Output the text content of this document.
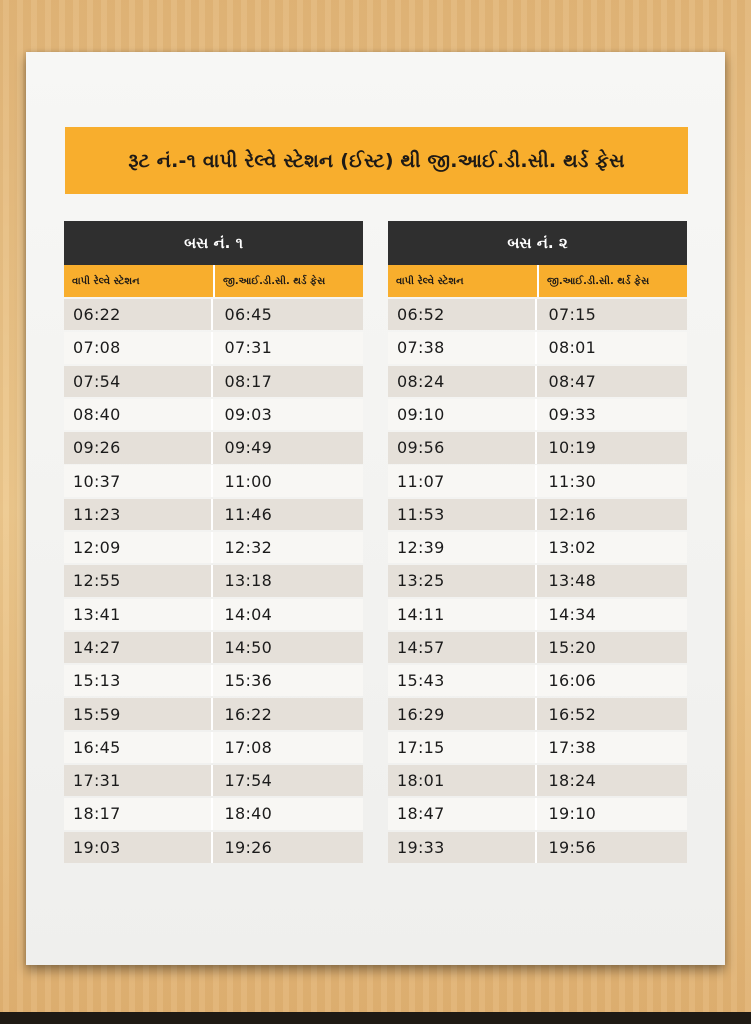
રૂટ નં.-૧ વાપી રેલ્વે સ્ટેશન (ઈસ્ટ) થી જી.આઈ.ડી.સી. થર્ડ ફેસ
બસ નં. ૧
વાપી રેલ્વે સ્ટેશન	જી.આઈ.ડી.સી. થર્ડ ફેસ
06:22	06:45
07:08	07:31
07:54	08:17
08:40	09:03
09:26	09:49
10:37	11:00
11:23	11:46
12:09	12:32
12:55	13:18
13:41	14:04
14:27	14:50
15:13	15:36
15:59	16:22
16:45	17:08
17:31	17:54
18:17	18:40
19:03	19:26
બસ નં. ૨
વાપી રેલ્વે સ્ટેશન	જી.આઈ.ડી.સી. થર્ડ ફેસ
06:52	07:15
07:38	08:01
08:24	08:47
09:10	09:33
09:56	10:19
11:07	11:30
11:53	12:16
12:39	13:02
13:25	13:48
14:11	14:34
14:57	15:20
15:43	16:06
16:29	16:52
17:15	17:38
18:01	18:24
18:47	19:10
19:33	19:56
